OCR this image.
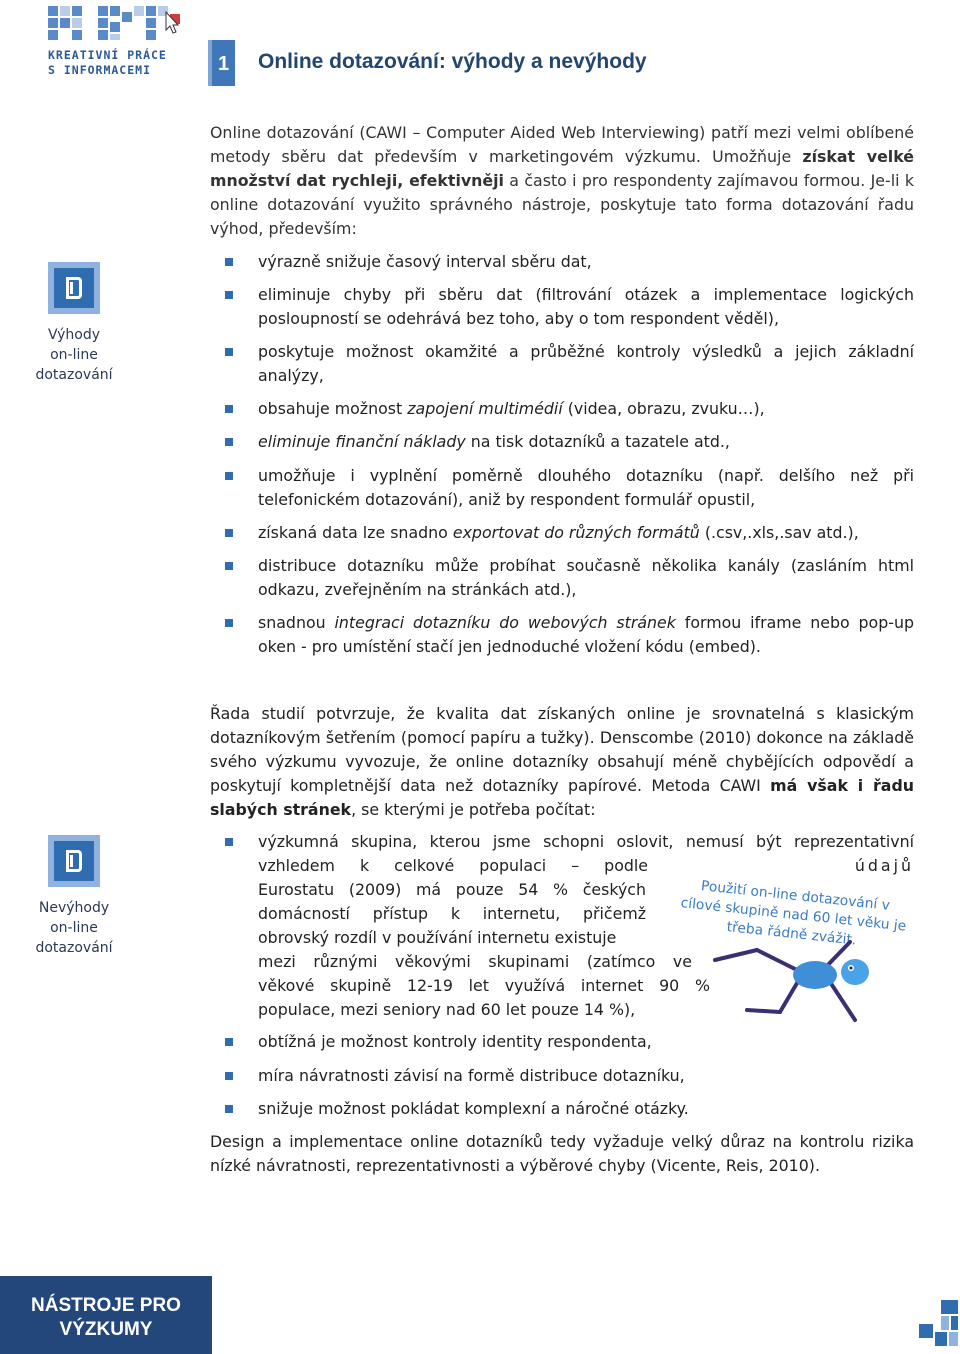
KREATIVNÍ PRÁCE
S INFORMACEMI	1 Online dotazování: výhody a nevýhody
Výhody
on-line
dotazování
Online dotazování (CAWI – Computer Aided Web Interviewing) patří mezi velmi oblíbené metody sběru dat především v marketingovém výzkumu. Umožňuje získat velké množství dat rychleji, efektivněji a často i pro respondenty zajímavou formou. Je-li k online dotazování využito správného nástroje, poskytuje tato forma dotazování řadu výhod, především:
výrazně snižuje časový interval sběru dat,
eliminuje chyby při sběru dat (filtrování otázek a implementace logických posloupností se odehrává bez toho, aby o tom respondent věděl),
poskytuje možnost okamžité a průběžné kontroly výsledků a jejich základní analýzy,
obsahuje možnost zapojení multimédií (videa, obrazu, zvuku…),
eliminuje finanční náklady na tisk dotazníků a tazatele atd.,
umožňuje i vyplnění poměrně dlouhého dotazníku (např. delšího než při telefonickém dotazování), aniž by respondent formulář opustil,
získaná data lze snadno exportovat do různých formátů (.csv,.xls,.sav atd.),
distribuce dotazníku může probíhat současně několika kanály (zasláním html odkazu, zveřejněním na stránkách atd.),
snadnou integraci dotazníku do webových stránek formou iframe nebo pop-up oken - pro umístění stačí jen jednoduché vložení kódu (embed).
Nevýhody
on-line
dotazování
Řada studií potvrzuje, že kvalita dat získaných online je srovnatelná s klasickým dotazníkovým šetřením (pomocí papíru a tužky). Denscombe (2010) dokonce na základě svého výzkumu vyvozuje, že online dotazníky obsahují méně chybějících odpovědí a poskytují kompletnější data než dotazníky papírové. Metoda CAWI má však i řadu slabých stránek, se kterými je potřeba počítat:
výzkumná skupina, kterou jsme schopni oslovit, nemusí být reprezentativní
vzhledem k celkové populaci – podle	údajů
Eurostatu (2009) má pouze 54 % českých
domácností přístup k internetu, přičemž
obrovský rozdíl v používání internetu existuje
mezi různými věkovými skupinami (zatímco ve
věkové skupině 12-19 let využívá internet 90 %
populace, mezi seniory nad 60 let pouze 14 %),
obtížná je možnost kontroly identity respondenta,
míra návratnosti závisí na formě distribuce dotazníku,
snižuje možnost pokládat komplexní a náročné otázky.
Design a implementace online dotazníků tedy vyžaduje velký důraz na kontrolu rizika nízké návratnosti, reprezentativnosti a výběrové chyby (Vicente, Reis, 2010).
Použití on-line dotazování v cílové skupině nad 60 let věku je třeba řádně zvážit.
NÁSTROJE PRO
VÝZKUMY
